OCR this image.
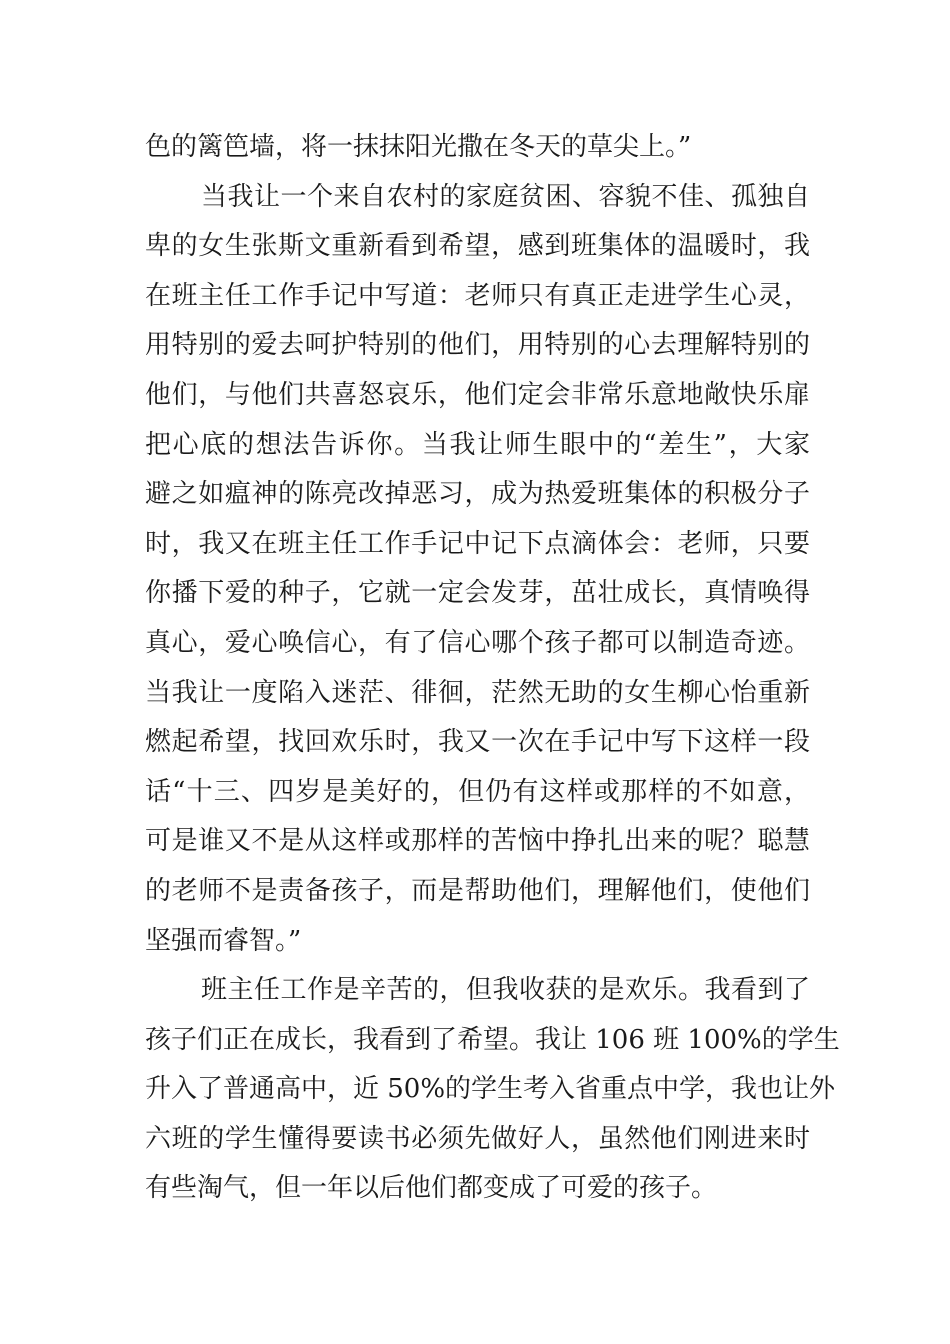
色的篱笆墙，将一抹抹阳光撒在冬天的草尖上。”
当我让一个来自农村的家庭贫困、容貌不佳、孤独自
卑的女生张斯文重新看到希望，感到班集体的温暖时，我
在班主任工作手记中写道：老师只有真正走进学生心灵，
用特别的爱去呵护特别的他们，用特别的心去理解特别的
他们，与他们共喜怒哀乐，他们定会非常乐意地敞快乐扉
把心底的想法告诉你。当我让师生眼中的“差生”，大家
避之如瘟神的陈亮改掉恶习，成为热爱班集体的积极分子
时，我又在班主任工作手记中记下点滴体会：老师，只要
你播下爱的种子，它就一定会发芽，茁壮成长，真情唤得
真心，爱心唤信心，有了信心哪个孩子都可以制造奇迹。
当我让一度陷入迷茫、徘徊，茫然无助的女生柳心怡重新
燃起希望，找回欢乐时，我又一次在手记中写下这样一段
话“十三、四岁是美好的，但仍有这样或那样的不如意，
可是谁又不是从这样或那样的苦恼中挣扎出来的呢？聪慧
的老师不是责备孩子，而是帮助他们，理解他们，使他们
坚强而睿智。”
班主任工作是辛苦的，但我收获的是欢乐。我看到了
孩子们正在成长，我看到了希望。我让 106 班 100%的学生
升入了普通高中，近 50%的学生考入省重点中学，我也让外
六班的学生懂得要读书必须先做好人，虽然他们刚进来时
有些淘气，但一年以后他们都变成了可爱的孩子。
